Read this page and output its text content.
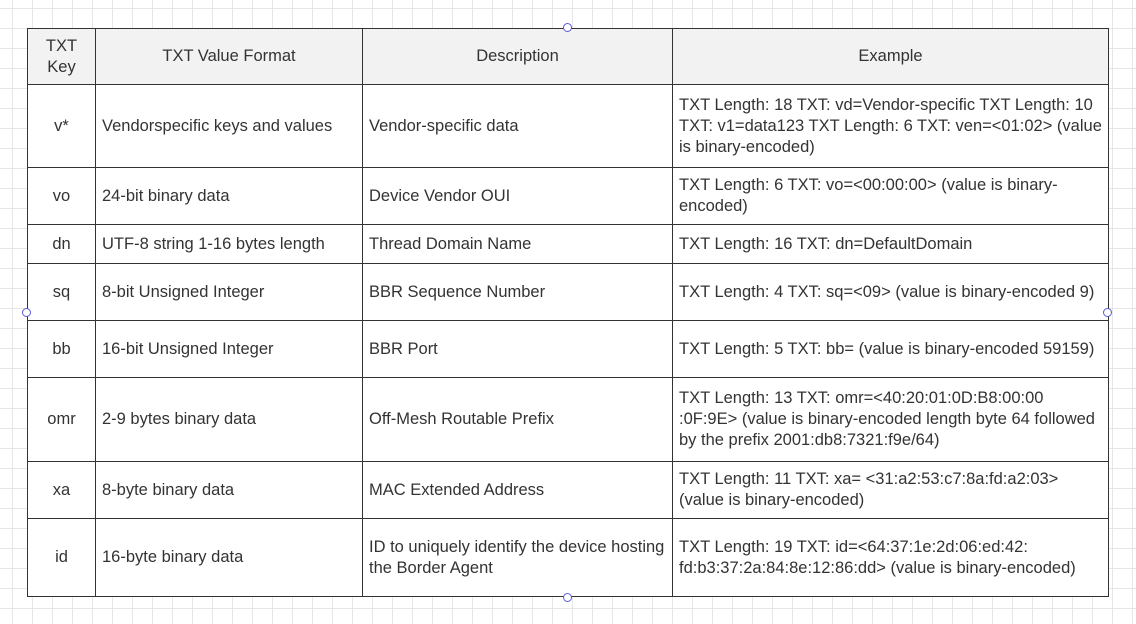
TXT Key	TXT Value Format	Description	Example
v*	Vendorspecific keys and values	Vendor-specific data	TXT Length: 18 TXT: vd=Vendor-specific TXT Length: 10 TXT: v1=data123 TXT Length: 6 TXT: ven=<01:02> (value is binary-encoded)
vo	24-bit binary data	Device Vendor OUI	TXT Length: 6 TXT: vo=<00:00:00> (value is binary-encoded)
dn	UTF-8 string 1-16 bytes length	Thread Domain Name	TXT Length: 16 TXT: dn=DefaultDomain
sq	8-bit Unsigned Integer	BBR Sequence Number	TXT Length: 4 TXT: sq=<09> (value is binary-encoded 9)
bb	16-bit Unsigned Integer	BBR Port	TXT Length: 5 TXT: bb= (value is binary-encoded 59159)
omr	2-9 bytes binary data	Off-Mesh Routable Prefix	TXT Length: 13 TXT: omr=<40:20:01:0D:B8:00:00 :0F:9E> (value is binary-encoded length byte 64 followed by the prefix 2001:db8:7321:f9e/64)
xa	8-byte binary data	MAC Extended Address	TXT Length: 11 TXT: xa= <31:a2:53:c7:8a:fd:a2:03> (value is binary-encoded)
id	16-byte binary data	ID to uniquely identify the device hosting the Border Agent	TXT Length: 19 TXT: id=<64:37:1e:2d:06:ed:42: fd:b3:37:2a:84:8e:12:86:dd> (value is binary-encoded)
